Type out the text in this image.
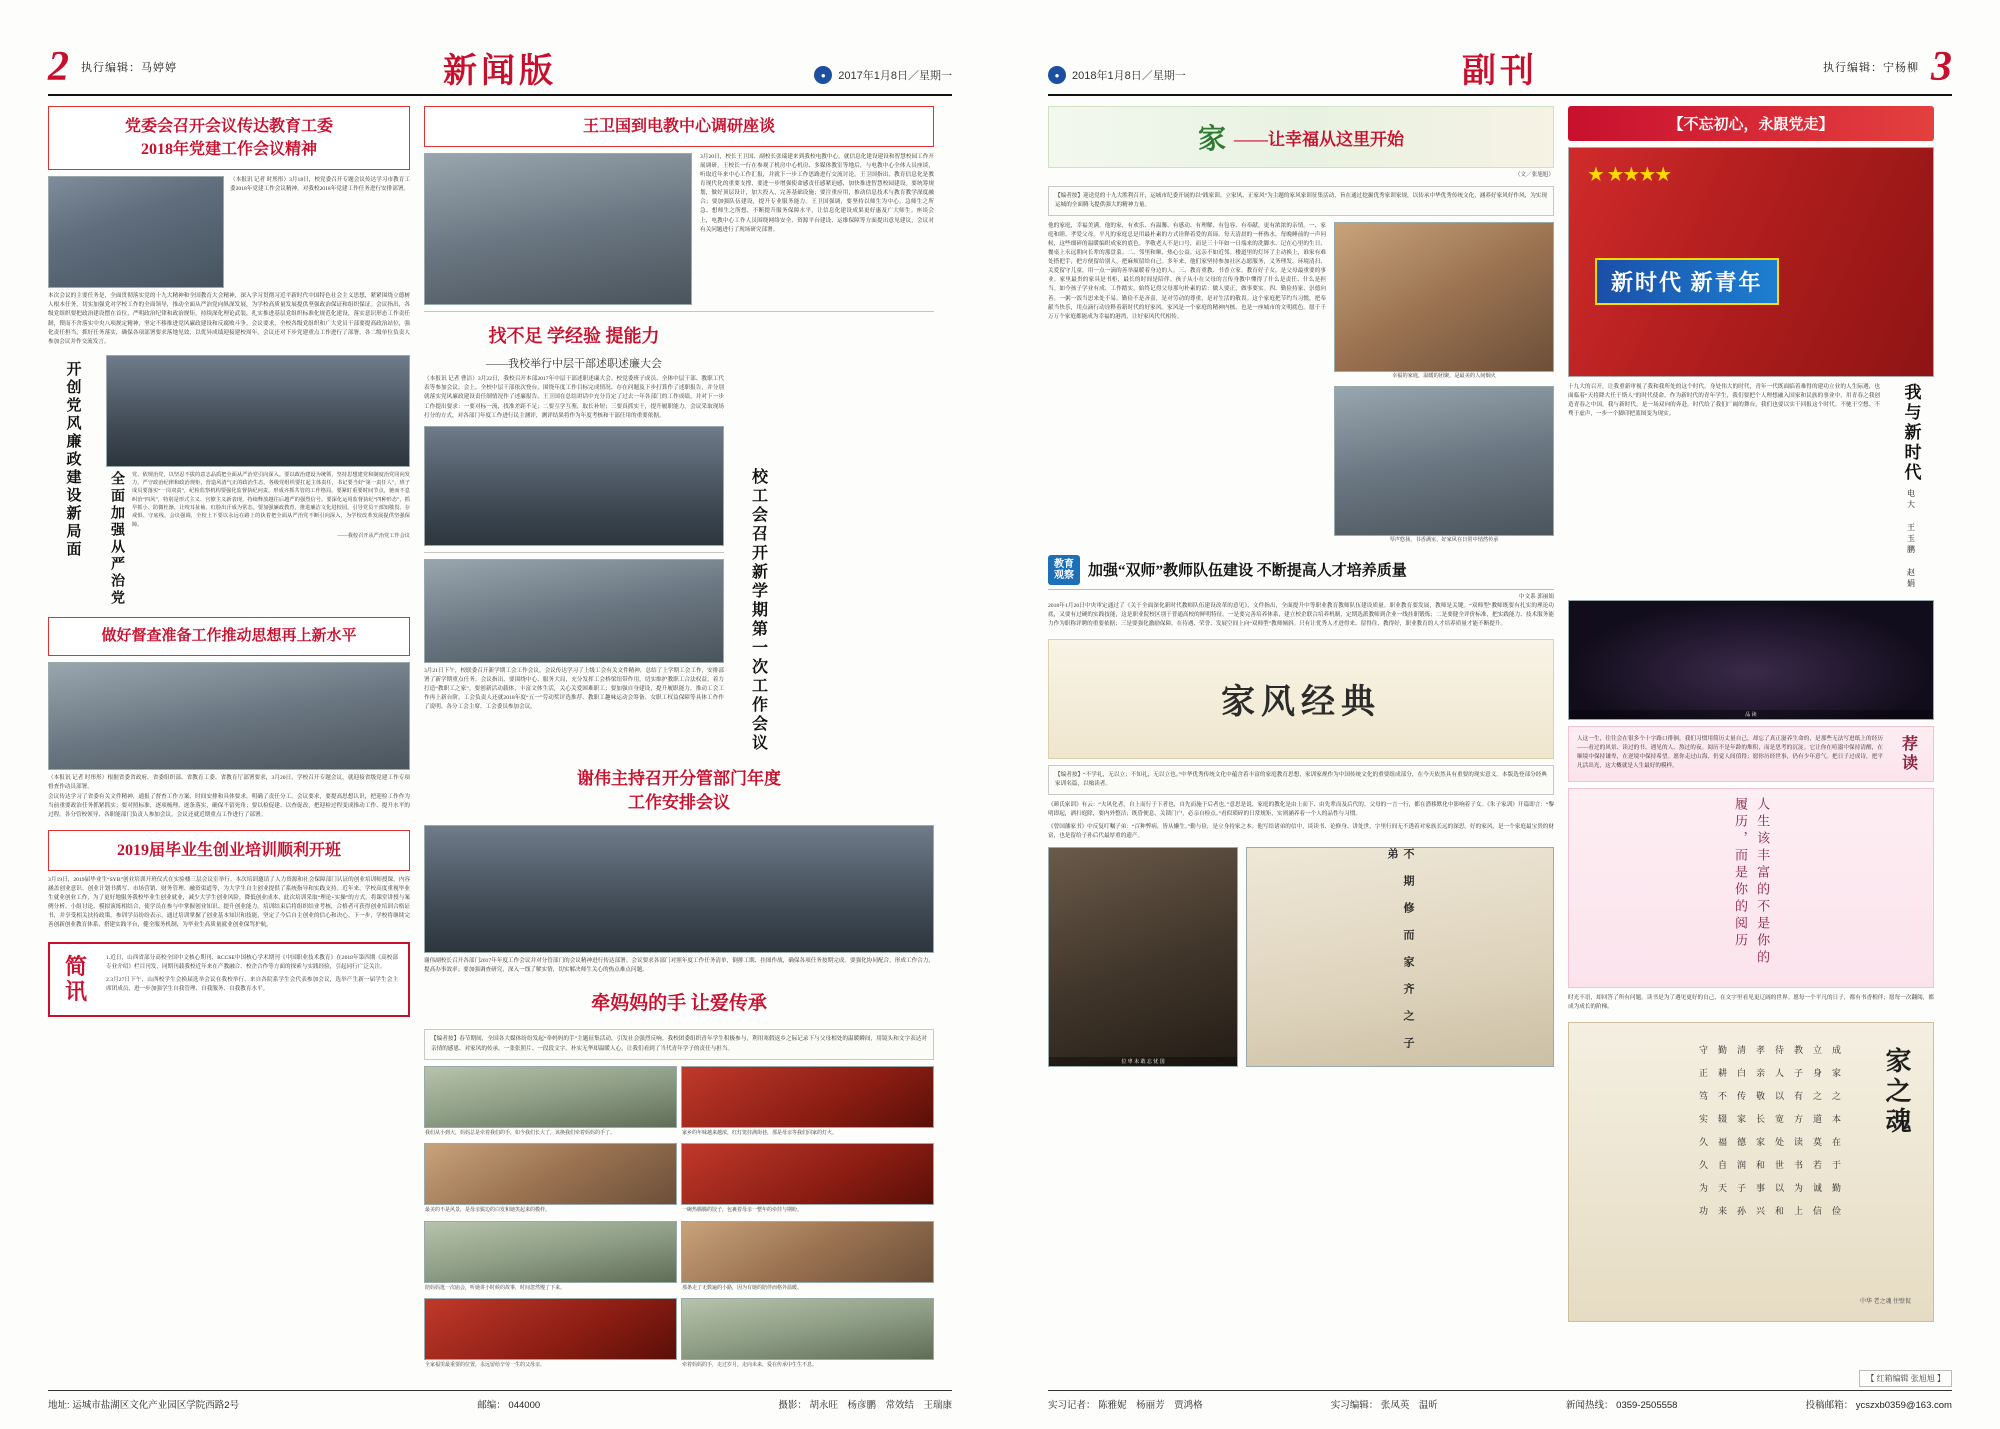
2 执行编辑：马婷婷	新闻版	●	2017年1月8日／星期一
党委会召开会议传达教育工委
2018年党建工作会议精神
（本报讯 记者 时彤彤）3月18日，校党委召开专题会议传达学习市教育工委2018年党建工作会议精神，对我校2018年党建工作任务进行安排部署。
本次会议的主要任务是，全面贯彻落实党的十九大精神和全国教育大会精神，深入学习贯彻习近平新时代中国特色社会主义思想，紧紧围绕立德树人根本任务，切实加强党对学校工作的全面领导，推动全面从严治党向纵深发展，为学校高质量发展提供坚强政治保证和组织保证。会议指出，各级党组织要把政治建设摆在首位，严明政治纪律和政治规矩，持续深化理论武装，扎实推进基层党组织标准化规范化建设，落实意识形态工作责任制，锲而不舍落实中央八项规定精神，坚定不移推进党风廉政建设和反腐败斗争。会议要求，全校各级党组织和广大党员干部要提高政治站位，强化责任担当，抓好任务落实，确保各项部署要求落地见效，以优异成绩迎接建校周年。会议还对下步党建重点工作进行了部署，各二级单位负责人参加会议并作交流发言。
开创党风廉政建设新局面 全面加强从严治党	党、依规治党，以坚忍不拔的意志品质把全面从严治党引向深入。要以政治建设为统领，坚持思想建党和制度治党同向发力，严守政治纪律和政治规矩，营造风清气正的政治生态。各级党组织要扛起主体责任，书记要当好“第一责任人”，班子成员要落实“一岗双责”，纪检监察机构要强化监督执纪问责，形成齐抓共管的工作格局。要紧盯重要时间节点，驰而不息纠治“四风”，特别是形式主义、官僚主义新表现，持续释放越往后越严的强烈信号。要深化运用监督执纪“四种形态”，抓早抓小、防微杜渐，让咬耳扯袖、红脸出汗成为常态。要加强廉政教育，推进廉洁文化进校园，引导党员干部知敬畏、存戒惧、守底线。会议强调，全校上下要以永远在路上的执着把全面从严治党不断引向深入，为学校改革发展提供坚强保障。
——我校召开从严治党工作会议
做好督查准备工作推动思想再上新水平
（本报讯 记者 时彤彤）根据省委省政府、省委组织部、省教育工委、省教育厅部署要求，3月20日，学校召开专题会议，就迎接省级党建工作专项督查作动员部署。
会议传达学习了省委有关文件精神，通报了督查工作方案、时间安排和具体要求，明确了责任分工。会议要求，要提高思想认识，把迎检工作作为当前重要政治任务抓紧抓实；要对照标准，逐项梳理、逐条落实，确保不留死角；要以检促建、以查促改，把迎检过程变成推动工作、提升水平的过程。各分管校领导、各职能部门负责人参加会议。会议还就近期重点工作进行了部署。
2019届毕业生创业培训顺利开班
3月19日，2019届毕业生“SYB”创业培训开班仪式在实验楼三层会议室举行。本次培训邀请了人力资源和社会保障部门认证的创业培训师授课，内容涵盖创业意识、创业计划书撰写、市场营销、财务管理、融资渠道等，为大学生自主创业提供了系统指导和实践支持。近年来，学校高度重视毕业生就业创业工作，为了更好地服务我校毕业生创业就业，减少大学生创业风险，降低创业成本，此次培训采取“理论+实操”的方式，将课堂讲授与案例分析、小组讨论、模拟演练相结合，使学员在参与中掌握创业知识、提升创业能力。培训结束后将组织结业考核，合格者可获得创业培训合格证书，并享受相关扶持政策。参训学员纷纷表示，通过培训掌握了创业基本知识和技能，坚定了今后自主创业的信心和决心。下一步，学校将继续完善创新创业教育体系，搭建实践平台，健全服务机制，为毕业生高质量就业创业保驾护航。
简
讯
1.近日，山西省部分高校全国中文核心期刊、RCCSE中国核心学术期刊《中国职业技术教育》在2018年第四期《高校部专业介绍》栏目刊发，同期刊载我校近年来在产教融合、校企合作等方面的探索与实践经验，引起同行广泛关注。
2.3月27日下午，山西校学生会换届选举会议在我校举行，来自各院系学生会代表参加会议，选举产生新一届学生会主席团成员，进一步加强学生自我管理、自我服务、自我教育水平。
王卫国到电教中心调研座谈
3月20日，校长王卫国、副校长张瑞建来到我校电教中心，就信息化建设建设和智慧校园工作开展调研。王校长一行在参观了机房中心机房、多媒体教室等地后，与电教中心全体人员座谈，听取近年来中心工作汇报，并就下一步工作思路进行交流讨论。王卫国指出，教育信息化是教育现代化的重要支撑，要进一步增强使命感责任感紧迫感，加快推进智慧校园建设。要统筹规划，做好顶层设计，加大投入，完善基础设施；要注重应用，推动信息技术与教育教学深度融合；要加强队伍建设，提升专业服务能力。王卫国强调，要坚持以师生为中心，急师生之所急、想师生之所想，不断提升服务保障水平，让信息化建设成果更好惠及广大师生。座谈会上，电教中心工作人员围绕网络安全、资源平台建设、运维保障等方面提出意见建议，会议对有关问题进行了现场研究部署。
找不足 学经验 提能力
——我校举行中层干部述职述廉大会
（本报讯 记者 曹洁）3月22日，我校召开本部2017年中层干部述职述廉大会。校党委班子成员、全体中层干部、教职工代表等参加会议。会上，全校中层干部依次登台，围绕年度工作目标完成情况、存在问题及下步打算作了述职报告，并分别就落实党风廉政建设责任制情况作了述廉报告。王卫国在总结讲话中充分肯定了过去一年各部门的工作成绩，并对下一步工作提出要求：一要对标一流，找准差距不足；二要互学互鉴，取长补短；三要真抓实干，提升履职能力。会议采取现场打分的方式，对各部门年度工作进行民主测评，测评结果将作为年度考核和干部任用的重要依据。
3月21日下午，校联委召开新学期工会工作会议。会议传达学习了上级工会有关文件精神，总结了上学期工会工作，安排部署了新学期重点任务。会议指出，要围绕中心、服务大局，充分发挥工会桥梁纽带作用，切实维护教职工合法权益，着力打造“教职工之家”。要创新活动载体，丰富文体生活，关心关爱困难职工；要加强自身建设，提升履职能力，推动工会工作再上新台阶。工会负责人还就2018年度“五一”劳动奖评选推荐、教职工趣味运动会筹备、女职工权益保障等具体工作作了说明。各分工会主席、工会委员参加会议。	校工会召开新学期第一次工作会议
谢伟主持召开分管部门年度
工作安排会议
谢伟副校长召开各部门2017年年度工作会议并对分管部门的会议精神进行传达部署。会议要求各部门对照年度工作任务清单，倒排工期、挂图作战，确保各项任务按期完成。要强化协同配合，形成工作合力，提高办事效率；要加强调查研究，深入一线了解实情，切实解决师生关心的热点难点问题。
牵妈妈的手 让爱传承
【编者按】春节期间，全国各大媒体纷纷发起“牵妈妈的手”主题征集活动，引发社会强烈反响。我校团委组织青年学生积极参与，利用寒假返乡之际记录下与父母相处的温暖瞬间，用镜头和文字表达对亲情的感恩、对家风的传承。一张张照片、一段段文字，朴实无华却温暖人心，让我们看到了当代青年学子的责任与担当。
我们从小到大，妈妈总是牵着我们的手，如今我们长大了，该换我们牵着妈妈的手了。	家乡的年味越来越浓，红灯笼挂满街巷，那是母亲等我们回家的灯火。
最美的不是风景，是母亲鬓边的白发和她笑起来的模样。	一碗热腾腾的饺子，包裹着母亲一整年的牵挂与期盼。
陪妈妈逛一次庙会，听她讲小时候的故事，时间忽然慢了下来。	那条走了无数遍的小路，因为有她的陪伴而格外温暖。
全家福里最重要的位置，永远留给辛劳一生的父母亲。	牵着妈妈的手，走过岁月，走向未来，爱在传承中生生不息。
地址: 运城市盐湖区文化产业园区学院西路2号	邮编： 044000	摄影： 胡永旺　杨彦鹏　常效结　王瑞康
●	2018年1月8日／星期一	副刊	执行编辑：宁杨柳 3
家 ——让幸福从这里开始
（文／张旭旭）
【编者按】迎送党的十九大胜利召开，运城市纪委开展的以“践家训、立家风、正家风”为主题的家风家训征集活动，旨在通过挖掘优秀家训家规，以传承中华优秀传统文化，涵养好家风好作风，为实现运城的全面腾飞提供强大的精神力量。
他的家庭，幸福美满。他的家，有欢乐、有温馨、有感动、有理解、有包容、有奉献，更有浓浓的亲情。一、家庭和睦、孝爱父母。平凡的家庭总是用最朴素的方式诠释着爱的真谛。每天清晨的一杯热水，每晚睡前的一声问候，这些细碎的温暖编织成家的底色。孝敬老人不是口号，而是三十年如一日端来的洗脚水、记在心里的生日、餐桌上永远朝向长辈的那盘菜。二、邻里和顺、热心公益。远亲不如近邻。楼道里的灯坏了主动换上，谁家有难处搭把手，把方便留给别人，把麻烦留给自己。多年来，他们家坚持参加社区志愿服务，义务理发、环境清扫、关爱留守儿童，用一点一滴的善举温暖着身边的人。三、教育重教、书香立家。教育好子女，是父母最重要的事业。家里最贵的家具是书柜，最长的时间是陪伴。孩子从小在父母的言传身教中懂得了什么是责任、什么是担当。如今孩子学业有成、工作踏实，始终记得父母那句朴素的话：做人要正，做事要实。四、勤俭持家、崇德向善。一粥一饭当思来处不易。勤俭不是吝啬，是对劳动的尊重，是对生活的敬畏。这个家庭把节约当习惯，把奉献当快乐，用点滴行动诠释着新时代的好家风。家风是一个家庭的精神内核，也是一座城市的文明底色。愿千千万万个家庭都能成为幸福的港湾，让好家风代代相传。
幸福的家庭，温暖的团聚，是最美的人间烟火
琴声悠扬，书香满室，好家风在日常中悄然传承
教育
观察 加强“双师”教师队伍建设 不断提高人才培养质量
中文系 郭丽娟
2018年1月20日中央审定通过了《关于全面深化新时代教师队伍建设改革的意见》，文件指出，全面提升中等职业教育教师队伍建设质量。职业教育要发展，教师是关键。“双师型”教师既要有扎实的理论功底，又要有过硬的实践技能，这是职业院校区别于普通高校的鲜明特征。一是要完善培养体系，建立校企联合培养机制，定期选派教师到企业一线挂职锻炼；二是要健全评价标准，把实践能力、技术服务能力作为职称评聘的重要依据；三是要强化激励保障，在待遇、荣誉、发展空间上向“双师型”教师倾斜。只有让优秀人才进得来、留得住、教得好，职业教育的人才培养质量才能不断提升。
家风经典
【编者按】“不学礼，无以立；不知礼，无以立也。”中华优秀传统文化中蕴含着丰富的家庭教育思想，家训家规作为中国传统文化的重要组成部分，在今天依然具有重要的现实意义。本版选登部分经典家训名篇，以飨读者。
《颜氏家训》有云：“夫风化者，自上而行于下者也，自先而施于后者也。”意思是说，家庭的教化是由上而下、由先辈而及后代的。父母的一言一行，都在潜移默化中影响着子女。《朱子家训》开篇即言：“黎明即起，洒扫庭除，要内外整洁；既昏便息，关锁门户，必亲自检点。”看似琐碎的日常规矩，实则涵养着一个人的品性与习惯。
《曾国藩家书》中反复叮嘱子弟：“百种弊病，皆从懒生。”勤与俭，是立身持家之本。他写给诸弟的信中，谈读书、论修身、讲处世，字里行间无不透着对家族长远的深思。好的家风，是一个家庭最宝贵的财富，也是留给子孙后代最厚重的遗产。
位 卑 未 敢 忘 忧 国
不 期 修 而 家 齐 之 子 弟
【不忘初心，永跟党走】
★ ★★★★
新时代 新青年
十九大的召开，让我重新审视了我和我所处的这个时代。身处伟大的时代，青年一代既面临着难得的建功立业的人生际遇，也面临着“天将降大任于斯人”的时代使命。作为新时代的青年学生，我们要把个人理想融入国家和民族的事业中，用青春之我创造青春之中国。我与新时代，是一场双向的奔赴。时代给了我们广阔的舞台，我们也要以实干回报这个时代。不驰于空想、不骛于虚声，一步一个脚印把蓝图变为现实。	我与新时代
电大 王玉鹏 赵娟
品 读
人这一生，往往会在很多个十字路口徘徊。我们习惯用简历丈量自己，却忘了真正滋养生命的，是那些无法写进纸上的经历——看过的风景、读过的书、遇见的人、熬过的夜。阅历不是年龄的堆积，而是思考的沉淀。它让你在喧嚣中保持清醒，在顺境中保持谦卑，在逆境中保持希望。愿你走过山海，仍觉人间值得；愿你历经世事，仍有少年意气。把日子过成诗，把平凡活出光，这大概就是人生最好的模样。	荐读
人生该丰富的不是你的履历，而是你的阅历
时光不语，却回答了所有问题。读书是为了遇见更好的自己，在文字里看见更辽阔的世界。愿每一个平凡的日子，都有书香相伴；愿每一次翻阅，都成为成长的阶梯。
成 家 之 本 在 于 勤 俭
立 身 之 道 莫 若 诚 信
教 子 有 方 读 书 为 上
待 人 以 宽 处 世 以 和
孝 亲 敬 长 家 和 事 兴
清 白 传 家 德 润 子 孙
勤 耕 不 辍 福 自 天 来
守 正 笃 实 久 久 为 功	家之魂
中华 老之魂 住壁侃
【 红箱编辑 张旭旭 】
实习记者： 陈雅妮　杨丽芳　贾鸿格	实习编辑： 张凤英　温昕	新闻热线： 0359-2505558	投稿邮箱： ycszxb0359@163.com
